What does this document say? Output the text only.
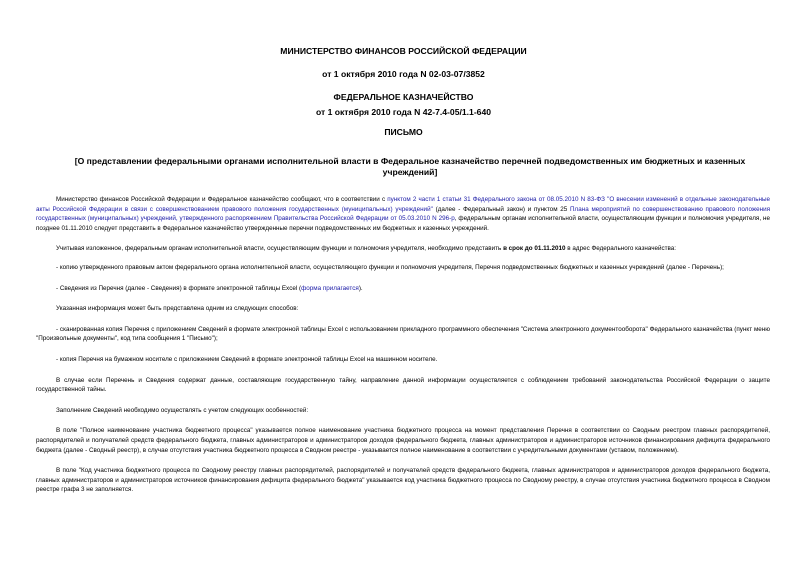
МИНИСТЕРСТВО ФИНАНСОВ РОССИЙСКОЙ ФЕДЕРАЦИИ
от 1 октября 2010 года N 02-03-07/3852
ФЕДЕРАЛЬНОЕ КАЗНАЧЕЙСТВО
от 1 октября 2010 года N 42-7.4-05/1.1-640
ПИСЬМО
[О представлении федеральными органами исполнительной власти в Федеральное казначейство перечней подведомственных им бюджетных и казенных учреждений]

Министерство финансов Российской Федерации и Федеральное казначейство сообщают, что в соответствии с пунктом 2 части 1 статьи 31 Федерального закона от 08.05.2010 N 83-ФЗ "О внесении изменений в отдельные законодательные акты Российской Федерации в связи с совершенствованием правового положения государственных (муниципальных) учреждений" (далее - Федеральный закон) и пунктом 25 Плана мероприятий по совершенствованию правового положения государственных (муниципальных) учреждений, утвержденного распоряжением Правительства Российской Федерации от 05.03.2010 N 296-р, федеральным органам исполнительной власти, осуществляющим функции и полномочия учредителя, не позднее 01.11.2010 следует представить в Федеральное казначейство утвержденные перечни подведомственных им бюджетных и казенных учреждений.

Учитывая изложенное, федеральным органам исполнительной власти, осуществляющим функции и полномочия учредителя, необходимо представить в срок до 01.11.2010 в адрес Федерального казначейства:

- копию утвержденного правовым актом федерального органа исполнительной власти, осуществляющего функции и полномочия учредителя, Перечня подведомственных бюджетных и казенных учреждений (далее - Перечень);

- Сведения из Перечня (далее - Сведения) в формате электронной таблицы Excel (форма прилагается).

Указанная информация может быть представлена одним из следующих способов:

- сканированная копия Перечня с приложением Сведений в формате электронной таблицы Excel с использованием прикладного программного обеспечения "Система электронного документооборота" Федерального казначейства (пункт меню "Произвольные документы", код типа сообщения 1 "Письмо");

- копия Перечня на бумажном носителе с приложением Сведений в формате электронной таблицы Excel на машинном носителе.

В случае если Перечень и Сведения содержат данные, составляющие государственную тайну, направление данной информации осуществляется с соблюдением требований законодательства Российской Федерации о защите государственной тайны.

Заполнение Сведений необходимо осуществлять с учетом следующих особенностей:

В поле "Полное наименование участника бюджетного процесса" указывается полное наименование участника бюджетного процесса на момент представления Перечня в соответствии со Сводным реестром главных распорядителей, распорядителей и получателей средств федерального бюджета, главных администраторов и администраторов доходов федерального бюджета, главных администраторов и администраторов источников финансирования дефицита федерального бюджета (далее - Сводный реестр), в случае отсутствия участника бюджетного процесса в Сводном реестре - указывается полное наименование в соответствии с учредительными документами (уставом, положением).

В поле "Код участника бюджетного процесса по Сводному реестру главных распорядителей, распорядителей и получателей средств федерального бюджета, главных администраторов и администраторов доходов федерального бюджета, главных администраторов и администраторов источников финансирования дефицита федерального бюджета" указывается код участника бюджетного процесса по Сводному реестру, в случае отсутствия участника бюджетного процесса в Сводном реестре графа 3 не заполняется.
